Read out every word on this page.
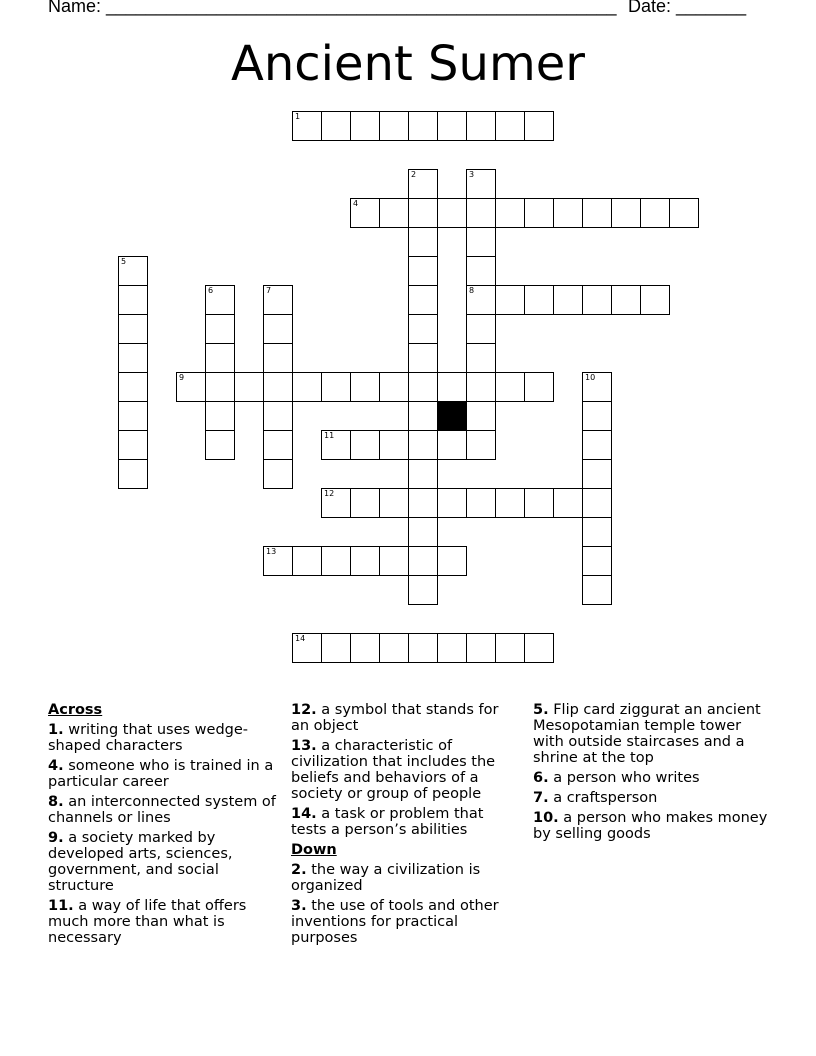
Name: ___________________________________________________ Date: _______
Ancient Sumer
1
2	3
8
4
5
6	7
9	10
11
12
13
14
Across
1. writing that uses wedge-shaped characters
4. someone who is trained in a particular career
8. an interconnected system of channels or lines
9. a society marked by developed arts, sciences, government, and social structure
11. a way of life that offers much more than what is necessary
12. a symbol that stands for an object
13. a characteristic of civilization that includes the beliefs and behaviors of a society or group of people
14. a task or problem that tests a person’s abilities
Down
2. the way a civilization is organized
3. the use of tools and other inventions for practical purposes
5. Flip card ziggurat an ancient Mesopotamian temple tower with outside staircases and a shrine at the top
6. a person who writes
7. a craftsperson
10. a person who makes money by selling goods
